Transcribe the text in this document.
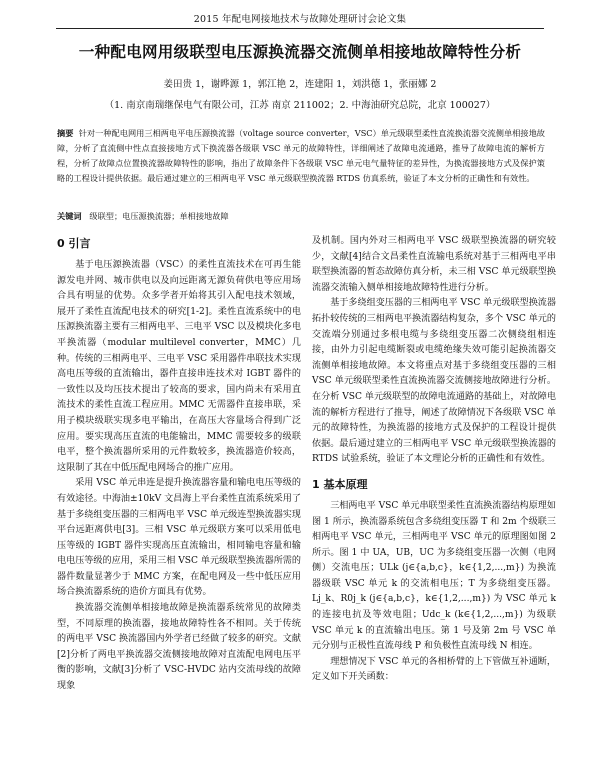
2015 年配电网接地技术与故障处理研讨会论文集
一种配电网用级联型电压源换流器交流侧单相接地故障特性分析
姜田贵 1，谢晔源 1，郭江艳 2，连建阳 1，刘洪德 1，张丽娜 2
（1. 南京南瑞继保电气有限公司，江苏 南京 211002；2. 中海油研究总院，北京 100027）
摘要 针对一种配电网用三相两电平电压源换流器（voltage source converter，VSC）单元级联型柔性直流换流器交流侧单相接地故障，分析了直流侧中性点直接接地方式下换流器各级联 VSC 单元的故障特性，详细阐述了故障电流通路，推导了故障电流的解析方程，分析了故障点位置换流器故障特性的影响，指出了故障条件下各级联 VSC 单元电气量特征的差异性，为换流器接地方式及保护策略的工程设计提供依据。最后通过建立的三相两电平 VSC 单元级联型换流器 RTDS 仿真系统，验证了本文分析的正确性和有效性。
关键词 级联型；电压源换流器；单相接地故障
0 引言

基于电压源换流器（VSC）的柔性直流技术在可再生能源发电并网、城市供电以及向远距离无源负荷供电等应用场合具有明显的优势。众多学者开始将其引入配电技术领域，展开了柔性直流配电技术的研究[1-2]。柔性直流系统中的电压源换流器主要有三相两电平、三电平 VSC 以及模块化多电平换流器（modular multilevel converter，MMC）几种。传统的三相两电平、三电平 VSC 采用器件串联技术实现高电压等级的直流输出，器件直接串连技术对 IGBT 器件的一致性以及均压技术提出了较高的要求，国内尚未有采用直流技术的柔性直流工程应用。MMC 无需器件直接串联，采用子模块级联实现多电平输出，在高压大容量场合得到广泛应用。要实现高压直流的电能输出，MMC 需要较多的级联电平，整个换流器所采用的元件数较多，换流器造价较高，这限制了其在中低压配电网场合的推广应用。

采用 VSC 单元串连是提升换流器容量和输电电压等级的有效途径。中海油±10kV 文昌海上平台柔性直流系统采用了基于多绕组变压器的三相两电平 VSC 单元级连型换流器实现平台远距离供电[3]。三相 VSC 单元级联方案可以采用低电压等级的 IGBT 器件实现高压直流输出，相同输电容量和输电电压等级的应用，采用三相 VSC 单元级联型换流器所需的器件数量显著少于 MMC 方案，在配电网及一些中低压应用场合换流器系统的造价方面具有优势。

换流器交流侧单相接地故障是换流器系统常见的故障类型，不同原理的换流器，接地故障特性各不相同。关于传统的两电平 VSC 换流器国内外学者已经做了较多的研究。文献[2]分析了两电平换流器交流侧接地故障对直流配电网电压平衡的影响，文献[3]分析了 VSC-HVDC 站内交流母线的故障现象

及机制。国内外对三相两电平 VSC 级联型换流器的研究较少，文献[4]结合文昌柔性直流输电系统对基于三相两电平串联型换流器的暂态故障仿真分析，未三相 VSC 单元级联型换流器交流输入侧单相接地故障特性进行分析。

基于多绕组变压器的三相两电平 VSC 单元级联型换流器拓扑较传统的三相两电平换流器结构复杂，多个 VSC 单元的交流端分别通过多根电缆与多绕组变压器二次侧绕组相连接，由外力引起电缆断裂或电缆绝缘失效可能引起换流器交流侧单相接地故障。本文将重点对基于多绕组变压器的三相 VSC 单元级联型柔性直流换流器交流侧接地故障进行分析。在分析 VSC 单元级联型的故障电流通路的基础上，对故障电流的解析方程进行了推导，阐述了故障情况下各级联 VSC 单元的故障特性，为换流器的接地方式及保护的工程设计提供依据。最后通过建立的三相两电平 VSC 单元级联型换流器的 RTDS 试验系统，验证了本文理论分析的正确性和有效性。

1 基本原理

三相两电平 VSC 单元串联型柔性直流换流器结构原理如图 1 所示，换流器系统包含多绕组变压器 T 和 2m 个级联三相两电平 VSC 单元，三相两电平 VSC 单元的原理图如图 2 所示。图 1 中 UA，UB，UC 为多绕组变压器一次侧（电网侧）交流电压；ULk (j∈{a,b,c}，k∈{1,2,...,m}) 为换流器级联 VSC 单元 k 的交流相电压；T 为多绕组变压器。Lj_k、R0j_k (j∈{a,b,c}，k∈{1,2,...,m}) 为 VSC 单元 k 的连接电抗及等效电阻；Udc_k (k∈{1,2,...,m}) 为级联 VSC 单元 k 的直流输出电压。第 1 号及第 2m 号 VSC 单元分别与正极性直流母线 P 和负极性直流母线 N 相连。

理想情况下 VSC 单元的各相桥臂的上下管做互补通断，定义如下开关函数：
